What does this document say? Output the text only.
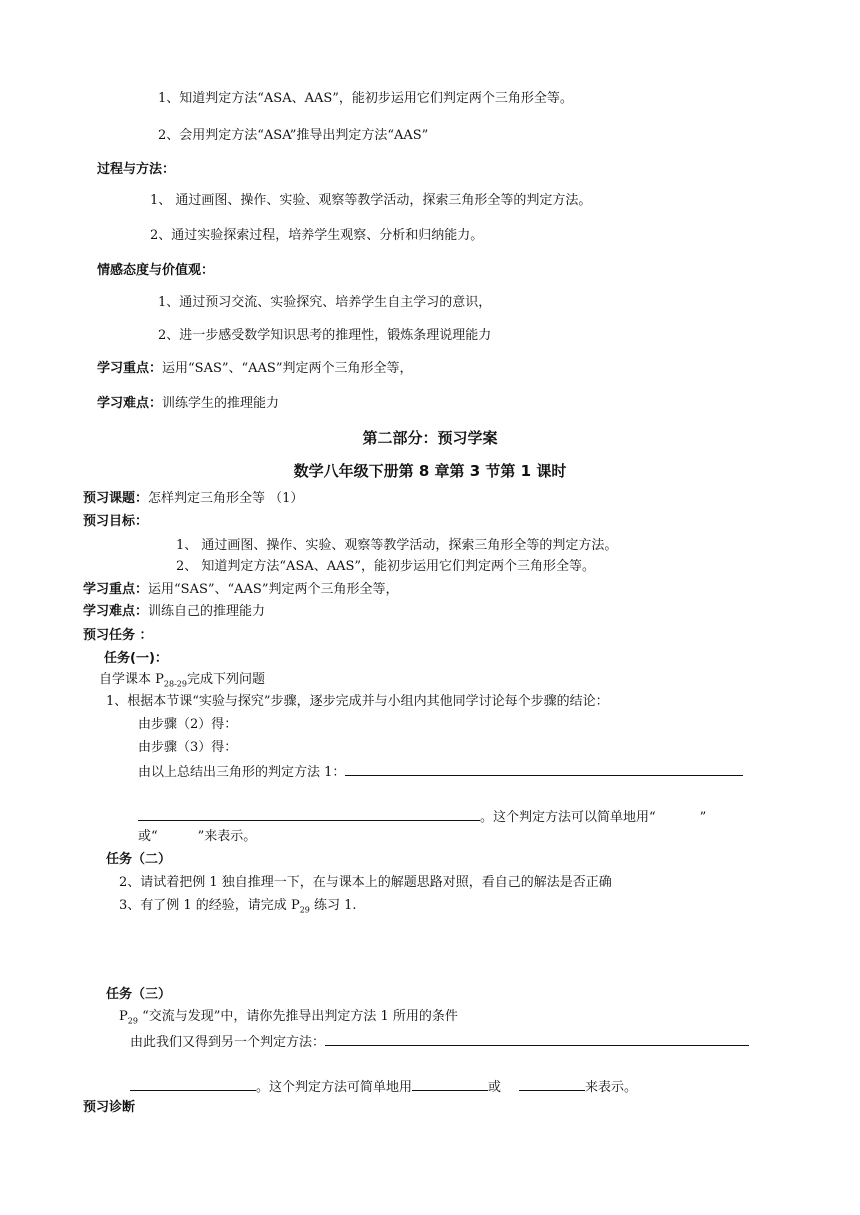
1、知道判定方法“ASA、AAS”，能初步运用它们判定两个三角形全等。
2、会用判定方法“ASA”推导出判定方法“AAS”
过程与方法：
1、 通过画图、操作、实验、观察等教学活动，探索三角形全等的判定方法。
2、通过实验探索过程，培养学生观察、分析和归纳能力。
情感态度与价值观：
1、通过预习交流、实验探究、培养学生自主学习的意识，
2、进一步感受数学知识思考的推理性，锻炼条理说理能力
学习重点：运用“SAS”、“AAS”判定两个三角形全等，
学习难点：训练学生的推理能力
第二部分：预习学案
数学八年级下册第 8 章第 3 节第 1 课时
预习课题：怎样判定三角形全等 （1）
预习目标：
1、 通过画图、操作、实验、观察等教学活动，探索三角形全等的判定方法。
2、 知道判定方法“ASA、AAS”，能初步运用它们判定两个三角形全等。
学习重点：运用“SAS”、“AAS”判定两个三角形全等，
学习难点：训练自己的推理能力
预习任务 ：
任务(一)：
自学课本 $P_{28-29}$完成下列问题
1、根据本节课“实验与探究”步骤，逐步完成并与小组内其他同学讨论每个步骤的结论：
由步骤（2）得：
由步骤（3）得：
由以上总结出三角形的判定方法 1：
。这个判定方法可以简单地用“	”
或“	”来表示。
任务（二）
2、请试着把例 1 独自推理一下，在与课本上的解题思路对照，看自己的解法是否正确
3、有了例 1 的经验，请完成 $P_{29}$ 练习 1.
任务（三）
$P_{29}$ “交流与发现”中，请你先推导出判定方法 1 所用的条件
由此我们又得到另一个判定方法：
。这个判定方法可简单地用	或	来表示。
预习诊断
